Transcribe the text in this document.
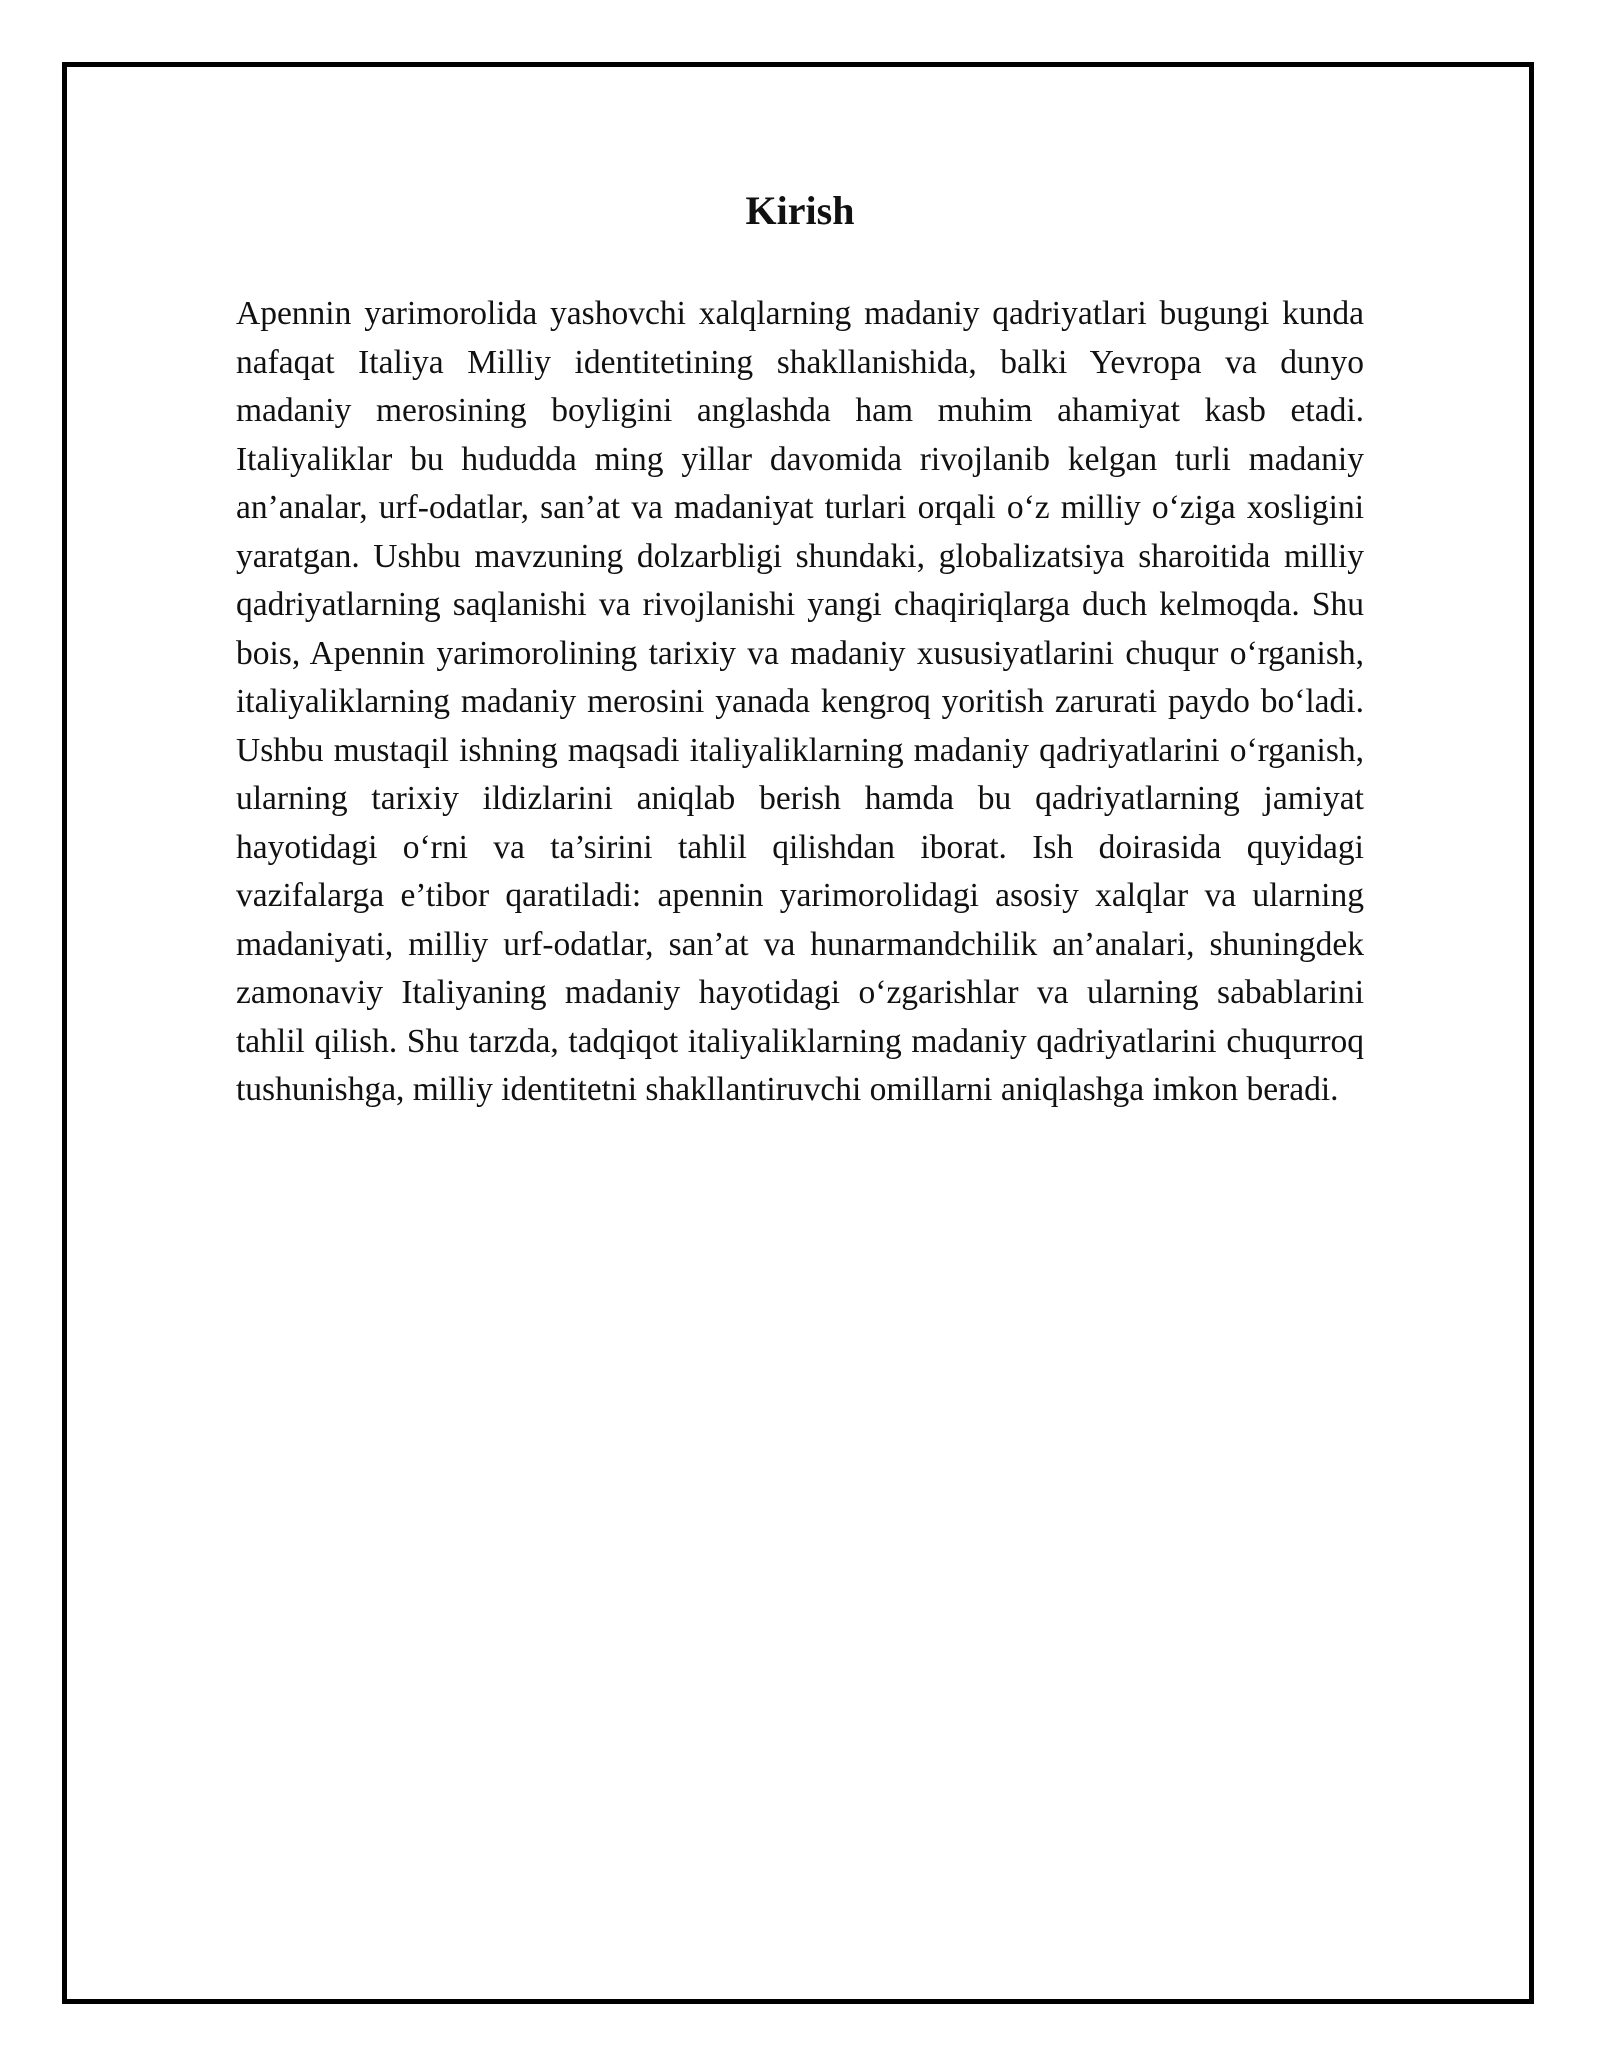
Kirish

Apennin yarimorolida yashovchi xalqlarning madaniy qadriyatlari bugungi kunda nafaqat Italiya Milliy identitetining shakllanishida, balki Yevropa va dunyo madaniy merosining boyligini anglashda ham muhim ahamiyat kasb etadi. Italiyaliklar bu hududda ming yillar davomida rivojlanib kelgan turli madaniy an’analar, urf-odatlar, san’at va madaniyat turlari orqali o‘z milliy o‘ziga xosligini yaratgan. Ushbu mavzuning dolzarbligi shundaki, globalizatsiya sharoitida milliy qadriyatlarning saqlanishi va rivojlanishi yangi chaqiriqlarga duch kelmoqda. Shu bois, Apennin yarimorolining tarixiy va madaniy xususiyatlarini chuqur o‘rganish, italiyaliklarning madaniy merosini yanada kengroq yoritish zarurati paydo bo‘ladi. Ushbu mustaqil ishning maqsadi italiyaliklarning madaniy qadriyatlarini o‘rganish, ularning tarixiy ildizlarini aniqlab berish hamda bu qadriyatlarning jamiyat hayotidagi o‘rni va ta’sirini tahlil qilishdan iborat. Ish doirasida quyidagi vazifalarga e’tibor qaratiladi: apennin yarimorolidagi asosiy xalqlar va ularning madaniyati, milliy urf-odatlar, san’at va hunarmandchilik an’analari, shuningdek zamonaviy Italiyaning madaniy hayotidagi o‘zgarishlar va ularning sabablarini tahlil qilish. Shu tarzda, tadqiqot italiyaliklarning madaniy qadriyatlarini chuqurroq tushunishga, milliy identitetni shakllantiruvchi omillarni aniqlashga imkon beradi.
